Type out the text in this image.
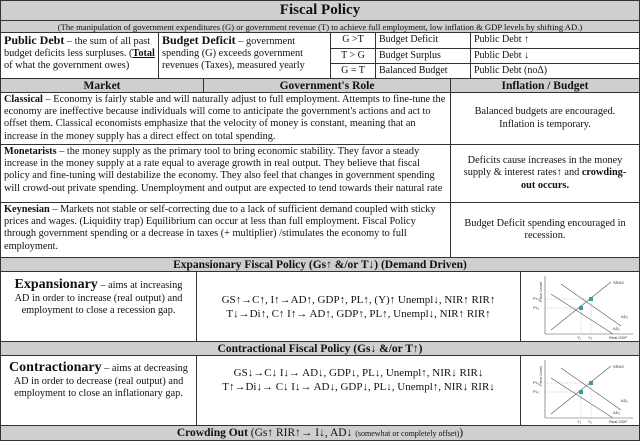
Fiscal Policy
(The manipulation of government expenditures (G) or government revenue (T) to achieve full employment, low inflation & GDP levels by shifting AD.)
Public Debt – the sum of all past budget deficits less surpluses. (Total of what the government owes)
Budget Deficit – government spending (G) exceeds government revenues (Taxes), measured yearly
G >T	Budget Deficit	Public Debt ↑
T > G	Budget Surplus	Public Debt ↓
G = T	Balanced Budget	Public Debt (noΔ)
Market	Government's Role	Inflation / Budget
Classical – Economy is fairly stable and will naturally adjust to full employment. Attempts to fine-tune the economy are ineffective because individuals will come to anticipate the government's actions and act to offset them. Classical economists emphasize that the velocity of money is constant, meaning that an increase in the money supply has a direct effect on total spending.
Balanced budgets are encouraged. Inflation is temporary.
Monetarists – the money supply as the primary tool to bring economic stability. They favor a steady increase in the money supply at a rate equal to average growth in real output. They believe that fiscal policy and fine-tuning will destabilize the economy. They also feel that changes in government spending will crowd-out private spending. Unemployment and output are expected to tend towards their natural rate
Deficits cause increases in the money supply & interest rates↑ and crowding-out occurs.
Keynesian – Markets not stable or self-correcting due to a lack of sufficient demand coupled with sticky prices and wages. (Liquidity trap) Equilibrium can occur at less than full employment. Fiscal Policy through government spending or a decrease in taxes (+ multiplier) /stimulates the economy to full employment.
Budget Deficit spending encouraged in recession.
Expansionary Fiscal Policy (Gs↑ &/or T↓) (Demand Driven)
Expansionary – aims at increasing AD in order to increase (real output) and employment to close a recession gap.
GS↑→C↑, I↑→AD↑, GDP↑, PL↑, (Y)↑ Unempl↓, NIR↑ RIR↑
T↓→Di↑, C↑ I↑→ AD↑, GDP↑, PL↑, Unempl↓, NIR↑ RIR↑
SRAS
PL₂
PL₁
AD₂
AD₁
Y₁ Y₂	Real GDP
Price Level
Contractional Fiscal Policy (Gs↓ &/or T↑)
Contractionary – aims at decreasing AD in order to decrease (real output) and employment to close an inflationary gap.
GS↓→C↓ I↓→ AD↓, GDP↓, PL↓, Unempl↑, NIR↓ RIR↓
T↑→Di↓→ C↓ I↓→ AD↓, GDP↓, PL↓, Unempl↑, NIR↓ RIR↓
SRAS
PL₁
PL₂
AD₁
AD₂
Y₂ Y₁	Real GDP
Price Level
Crowding Out (Gs↑ RIR↑→ I↓, AD↓ (somewhat or completely offset) )
